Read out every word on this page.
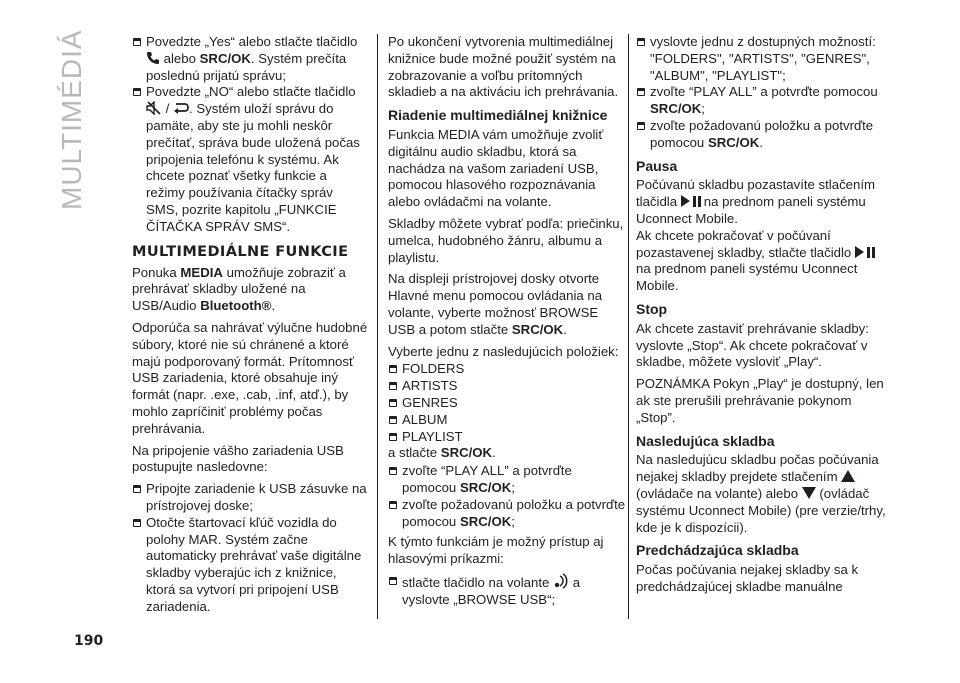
MULTIMÉDIÁ
190

Povedzte „Yes“ alebo stlačte tlačidlo  alebo SRC/OK. Systém prečíta poslednú prijatú správu;

Povedzte „NO“ alebo stlačte tlačidlo  / . Systém uloží správu do pamäte, aby ste ju mohli neskôr prečítať, správa bude uložená počas pripojenia telefónu k systému. Ak chcete poznať všetky funkcie a režimy používania čítačky správ SMS, pozrite kapitolu „FUNKCIE ČÍTAČKA SPRÁV SMS“.

MULTIMEDIÁLNE FUNKCIE

Ponuka MEDIA umožňuje zobraziť a prehrávať skladby uložené na USB/Audio Bluetooth®.

Odporúča sa nahrávať výlučne hudobné súbory, ktoré nie sú chránené a ktoré majú podporovaný formát. Prítomnosť USB zariadenia, ktoré obsahuje iný formát (napr. .exe, .cab, .inf, atď.), by mohlo zapríčiniť problémy počas prehrávania.

Na pripojenie vášho zariadenia USB postupujte nasledovne:

Pripojte zariadenie k USB zásuvke na prístrojovej doske;

Otočte štartovací kľúč vozidla do polohy MAR. Systém začne automaticky prehrávať vaše digitálne skladby vyberajúc ich z knižnice, ktorá sa vytvorí pri pripojení USB zariadenia.

Po ukončení vytvorenia multimediálnej knižnice bude možné použiť systém na zobrazovanie a voľbu prítomných skladieb a na aktiváciu ich prehrávania.

Riadenie multimediálnej knižnice

Funkcia MEDIA vám umožňuje zvoliť digitálnu audio skladbu, ktorá sa nachádza na vašom zariadení USB, pomocou hlasového rozpoznávania alebo ovládačmi na volante.

Skladby môžete vybrať podľa: priečinku, umelca, hudobného žánru, albumu a playlistu.

Na displeji prístrojovej dosky otvorte Hlavné menu pomocou ovládania na volante, vyberte možnosť BROWSE USB a potom stlačte SRC/OK.

Vyberte jednu z nasledujúcich položiek:

FOLDERS

ARTISTS

GENRES

ALBUM

PLAYLIST

a stlačte SRC/OK.

zvoľte “PLAY ALL” a potvrďte pomocou SRC/OK;

zvoľte požadovanú položku a potvrďte pomocou SRC/OK;

K týmto funkciám je možný prístup aj hlasovými príkazmi:

stlačte tlačidlo na volante a vyslovte „BROWSE USB“;

vyslovte jednu z dostupných možností: "FOLDERS", "ARTISTS", "GENRES", "ALBUM", "PLAYLIST";

zvoľte “PLAY ALL” a potvrďte pomocou SRC/OK;

zvoľte požadovanú položku a potvrďte pomocou SRC/OK.

Pausa

Počúvanú skladbu pozastavíte stlačením tlačidla na prednom paneli systému Uconnect Mobile.

Ak chcete pokračovať v počúvaní pozastavenej skladby, stlačte tlačidlo na prednom paneli systému Uconnect Mobile.

Stop

Ak chcete zastaviť prehrávanie skladby: vyslovte „Stop“. Ak chcete pokračovať v skladbe, môžete vysloviť „Play“.

POZNÁMKA Pokyn „Play“ je dostupný, len ak ste prerušili prehrávanie pokynom „Stop”.

Nasledujúca skladba

Na nasledujúcu skladbu počas počúvania nejakej skladby prejdete stlačením  (ovládače na volante) alebo (ovládač systému Uconnect Mobile) (pre verzie/trhy, kde je k dispozícii).

Predchádzajúca skladba

Počas počúvania nejakej skladby sa k predchádzajúcej skladbe manuálne
